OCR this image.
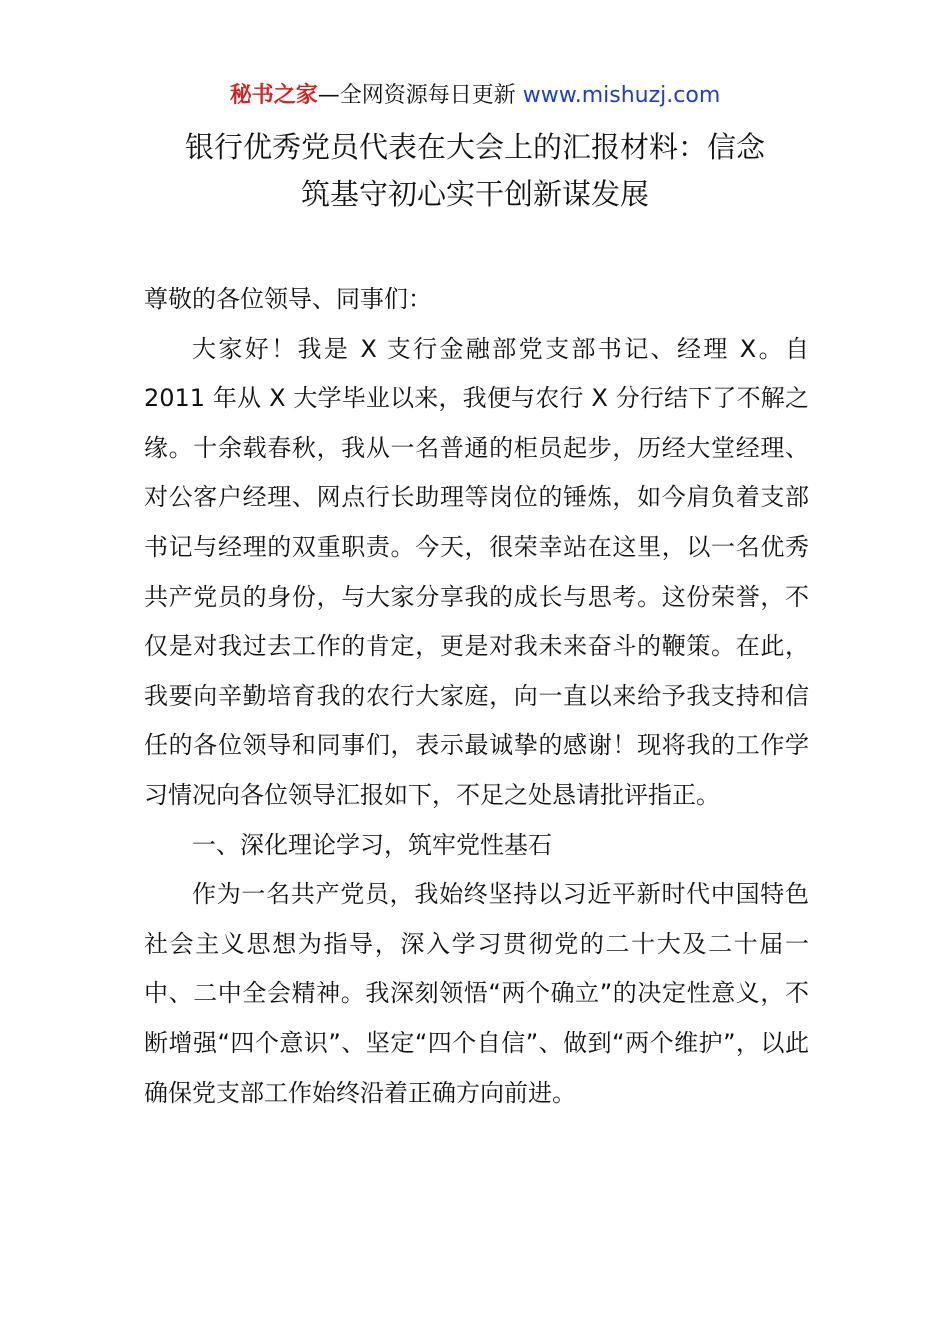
秘书之家—全网资源每日更新 www.mishuzj.com
银行优秀党员代表在大会上的汇报材料：信念
筑基守初心实干创新谋发展

尊敬的各位领导、同事们：

大家好！我是 X 支行金融部党支部书记、经理 X。自 2011 年从 X 大学毕业以来，我便与农行 X 分行结下了不解之缘。十余载春秋，我从一名普通的柜员起步，历经大堂经理、对公客户经理、网点行长助理等岗位的锤炼，如今肩负着支部书记与经理的双重职责。今天，很荣幸站在这里，以一名优秀共产党员的身份，与大家分享我的成长与思考。这份荣誉，不仅是对我过去工作的肯定，更是对我未来奋斗的鞭策。在此，我要向辛勤培育我的农行大家庭，向一直以来给予我支持和信任的各位领导和同事们，表示最诚挚的感谢！现将我的工作学习情况向各位领导汇报如下，不足之处恳请批评指正。

一、深化理论学习，筑牢党性基石

作为一名共产党员，我始终坚持以习近平新时代中国特色社会主义思想为指导，深入学习贯彻党的二十大及二十届一中、二中全会精神。我深刻领悟“两个确立”的决定性意义，不断增强“四个意识”、坚定“四个自信”、做到“两个维护”，以此确保党支部工作始终沿着正确方向前进。
